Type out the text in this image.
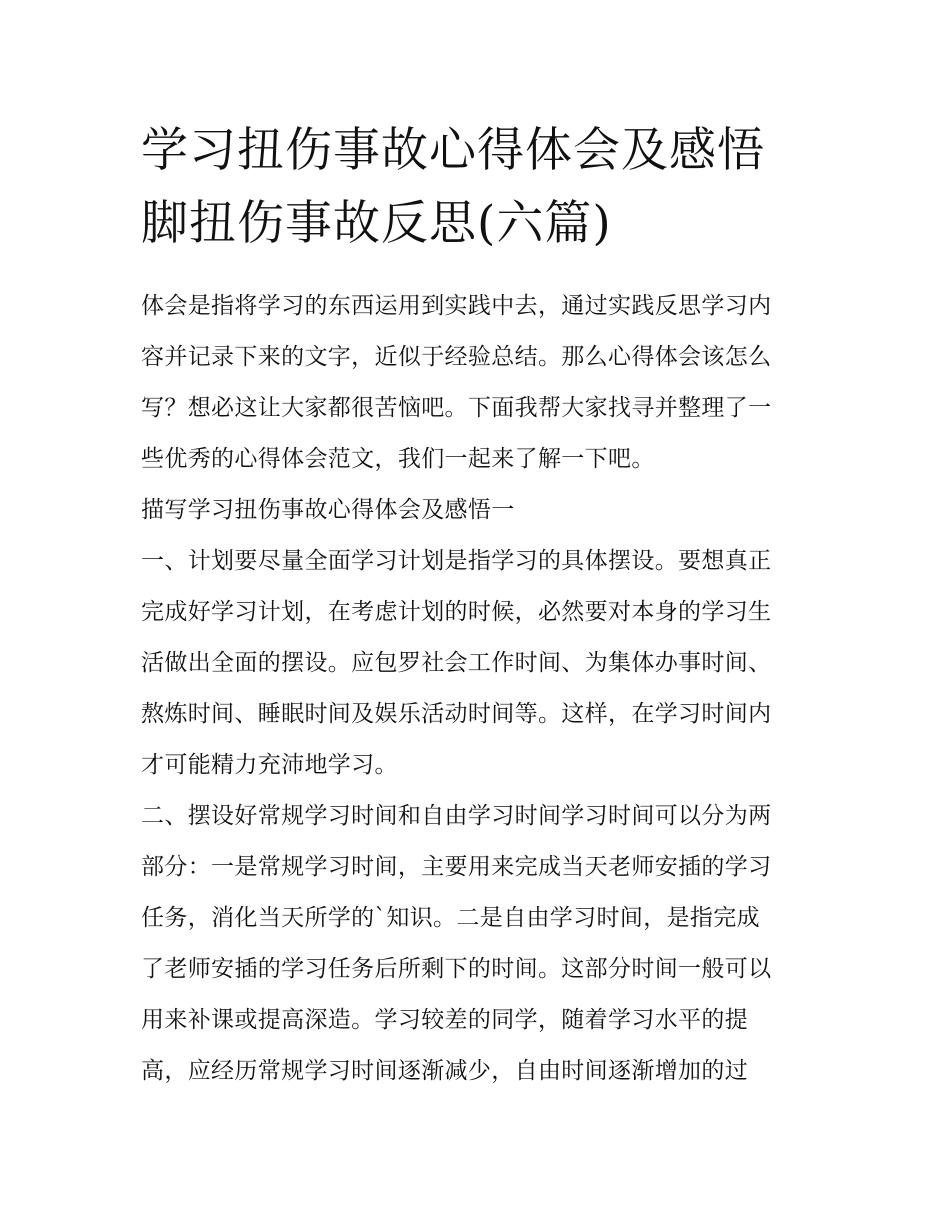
学习扭伤事故心得体会及感悟
脚扭伤事故反思(六篇)
体会是指将学习的东西运用到实践中去，通过实践反思学习内
容并记录下来的文字，近似于经验总结。那么心得体会该怎么
写？想必这让大家都很苦恼吧。下面我帮大家找寻并整理了一
些优秀的心得体会范文，我们一起来了解一下吧。
描写学习扭伤事故心得体会及感悟一
一、计划要尽量全面学习计划是指学习的具体摆设。要想真正
完成好学习计划，在考虑计划的时候，必然要对本身的学习生
活做出全面的摆设。应包罗社会工作时间、为集体办事时间、
熬炼时间、睡眠时间及娱乐活动时间等。这样，在学习时间内
才可能精力充沛地学习。
二、摆设好常规学习时间和自由学习时间学习时间可以分为两
部分：一是常规学习时间，主要用来完成当天老师安插的学习
任务，消化当天所学的`知识。二是自由学习时间，是指完成
了老师安插的学习任务后所剩下的时间。这部分时间一般可以
用来补课或提高深造。学习较差的同学，随着学习水平的提
高，应经历常规学习时间逐渐减少，自由时间逐渐增加的过
